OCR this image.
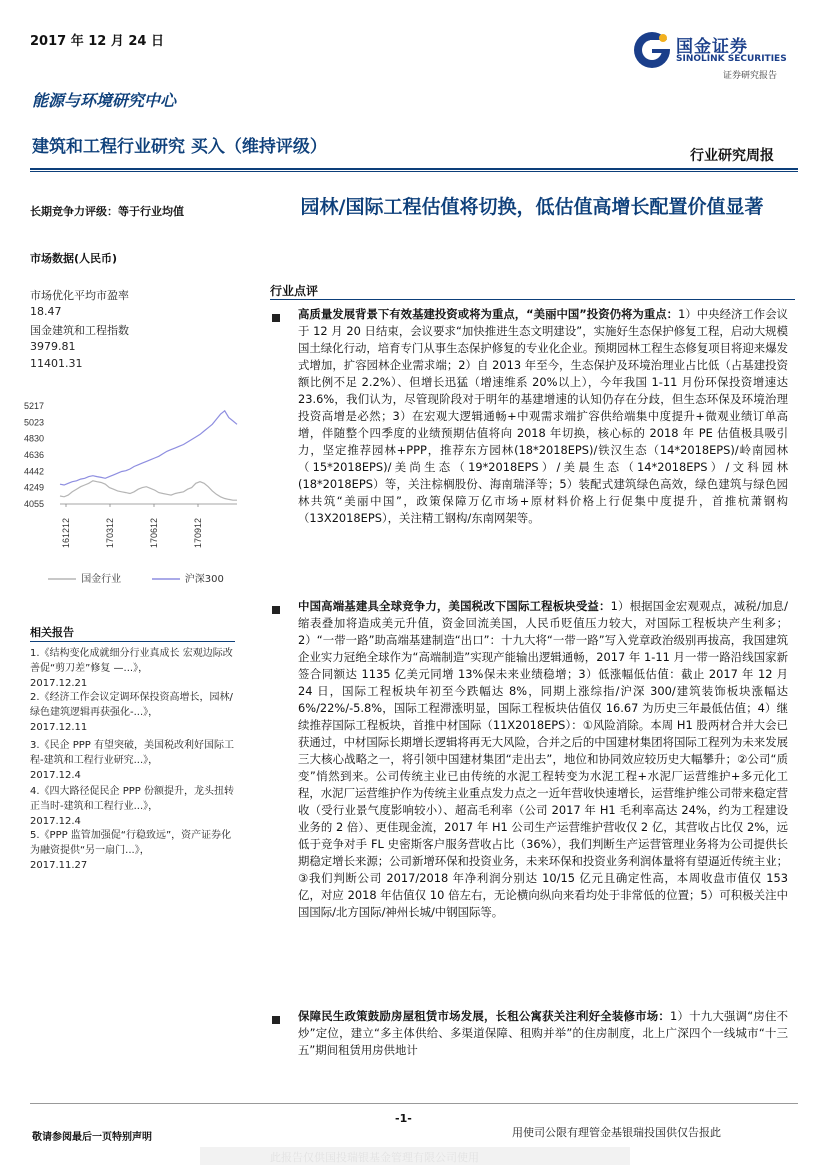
2017 年 12 月 24 日	国金证券
SINOLINK SECURITIES
证券研究报告
能源与环境研究中心
建筑和工程行业研究 买入（维持评级）	行业研究周报
长期竞争力评级：等于行业均值
市场数据(人民币)
市场优化平均市盈率
18.47
国金建筑和工程指数
3979.81
11401.31
5217
5023
4830
4636
4442
4249
4055
161212	170312	170612	170912
国金行业	沪深300
相关报告
1.《结构变化成就细分行业真成长 宏观边际改善促“剪刀差”修复 —...》，
2017.12.21
2.《经济工作会议定调环保投资高增长，园林/绿色建筑逻辑再获强化-...》，
2017.12.11
3.《民企 PPP 有望突破，美国税改利好国际工程-建筑和工程行业研究...》，
2017.12.4
4.《四大路径促民企 PPP 份额提升，龙头扭转正当时-建筑和工程行业...》，
2017.12.4
5.《PPP 监管加强促“行稳致远”，资产证券化为融资提供“另一扇门...》，
2017.11.27
园林/国际工程估值将切换，低估值高增长配置价值显著
行业点评
高质量发展背景下有效基建投资或将为重点，“美丽中国”投资仍将为重点：1）中央经济工作会议于 12 月 20 日结束，会议要求“加快推进生态文明建设”，实施好生态保护修复工程，启动大规模国土绿化行动，培育专门从事生态保护修复的专业化企业。预期园林工程生态修复项目将迎来爆发式增加，扩容园林企业需求端；2）自 2013 年至今，生态保护及环境治理业占比低（占基建投资额比例不足 2.2%）、但增长迅猛（增速维系 20%以上），今年我国 1-11 月份环保投资增速达 23.6%，我们认为，尽管现阶段对于明年的基建增速的认知仍存在分歧，但生态环保及环境治理投资高增是必然；3）在宏观大逻辑通畅+中观需求端扩容供给端集中度提升+微观业绩订单高增，伴随整个四季度的业绩预期估值将向 2018 年切换，核心标的 2018 年 PE 估值极具吸引力，坚定推荐园林+PPP，推荐东方园林(18*2018EPS)/铁汉生态（14*2018EPS)/岭南园林（15*2018EPS)/美尚生态（19*2018EPS）/美晨生态（14*2018EPS）/文科园林(18*2018EPS）等，关注棕榈股份、海南瑞泽等；5）装配式建筑绿色高效，绿色建筑与绿色园林共筑“美丽中国”，政策保障万亿市场+原材料价格上行促集中度提升，首推杭萧钢构（13X2018EPS），关注精工钢构/东南网架等。
中国高端基建具全球竞争力，美国税改下国际工程板块受益：1）根据国金宏观观点，减税/加息/缩表叠加将造成美元升值，资金回流美国，人民币贬值压力较大，对国际工程板块产生利多；2）“一带一路”助高端基建制造“出口”：十九大将“一带一路”写入党章政治级别再拔高，我国建筑企业实力冠绝全球作为“高端制造”实现产能输出逻辑通畅，2017 年 1-11 月一带一路沿线国家新签合同额达 1135 亿美元同增 13%保未来业绩稳增；3）低涨幅低估值：截止 2017 年 12 月 24 日，国际工程板块年初至今跌幅达 8%，同期上涨综指/沪深 300/建筑装饰板块涨幅达 6%/22%/-5.8%，国际工程滞涨明显，国际工程板块估值仅 16.67 为历史三年最低估值；4）继续推荐国际工程板块，首推中材国际（11X2018EPS）：①风险消除。本周 H1 股两材合并大会已获通过，中材国际长期增长逻辑将再无大风险，合并之后的中国建材集团将国际工程列为未来发展三大核心战略之一，将引领中国建材集团“走出去”，地位和协同效应较历史大幅攀升；②公司“质变”悄然到来。公司传统主业已由传统的水泥工程转变为水泥工程+水泥厂运营维护+多元化工程，水泥厂运营维护作为传统主业重点发力点之一近年营收快速增长，运营维护维公司带来稳定营收（受行业景气度影响较小）、超高毛利率（公司 2017 年 H1 毛利率高达 24%，约为工程建设业务的 2 倍）、更佳现金流，2017 年 H1 公司生产运营维护营收仅 2 亿，其营收占比仅 2%，远低于竞争对手 FL 史密斯客户服务营收占比（36%），我们判断生产运营管理业务将为公司提供长期稳定增长来源；公司新增环保和投资业务，未来环保和投资业务利润体量将有望逼近传统主业；③我们判断公司 2017/2018 年净利润分别达 10/15 亿元且确定性高，本周收盘市值仅 153 亿，对应 2018 年估值仅 10 倍左右，无论横向纵向来看均处于非常低的位置；5）可积极关注中国国际/北方国际/神州长城/中钢国际等。
保障民生政策鼓励房屋租赁市场发展，长租公寓获关注利好全装修市场：1）十九大强调“房住不炒”定位，建立“多主体供给、多渠道保障、租购并举”的住房制度，北上广深四个一线城市“十三五”期间租赁用房供地计
-1-
敬请参阅最后一页特别声明	用使司公限有理管金基银瑞投国供仅告报此
此报告仅供国投瑞银基金管理有限公司使用
